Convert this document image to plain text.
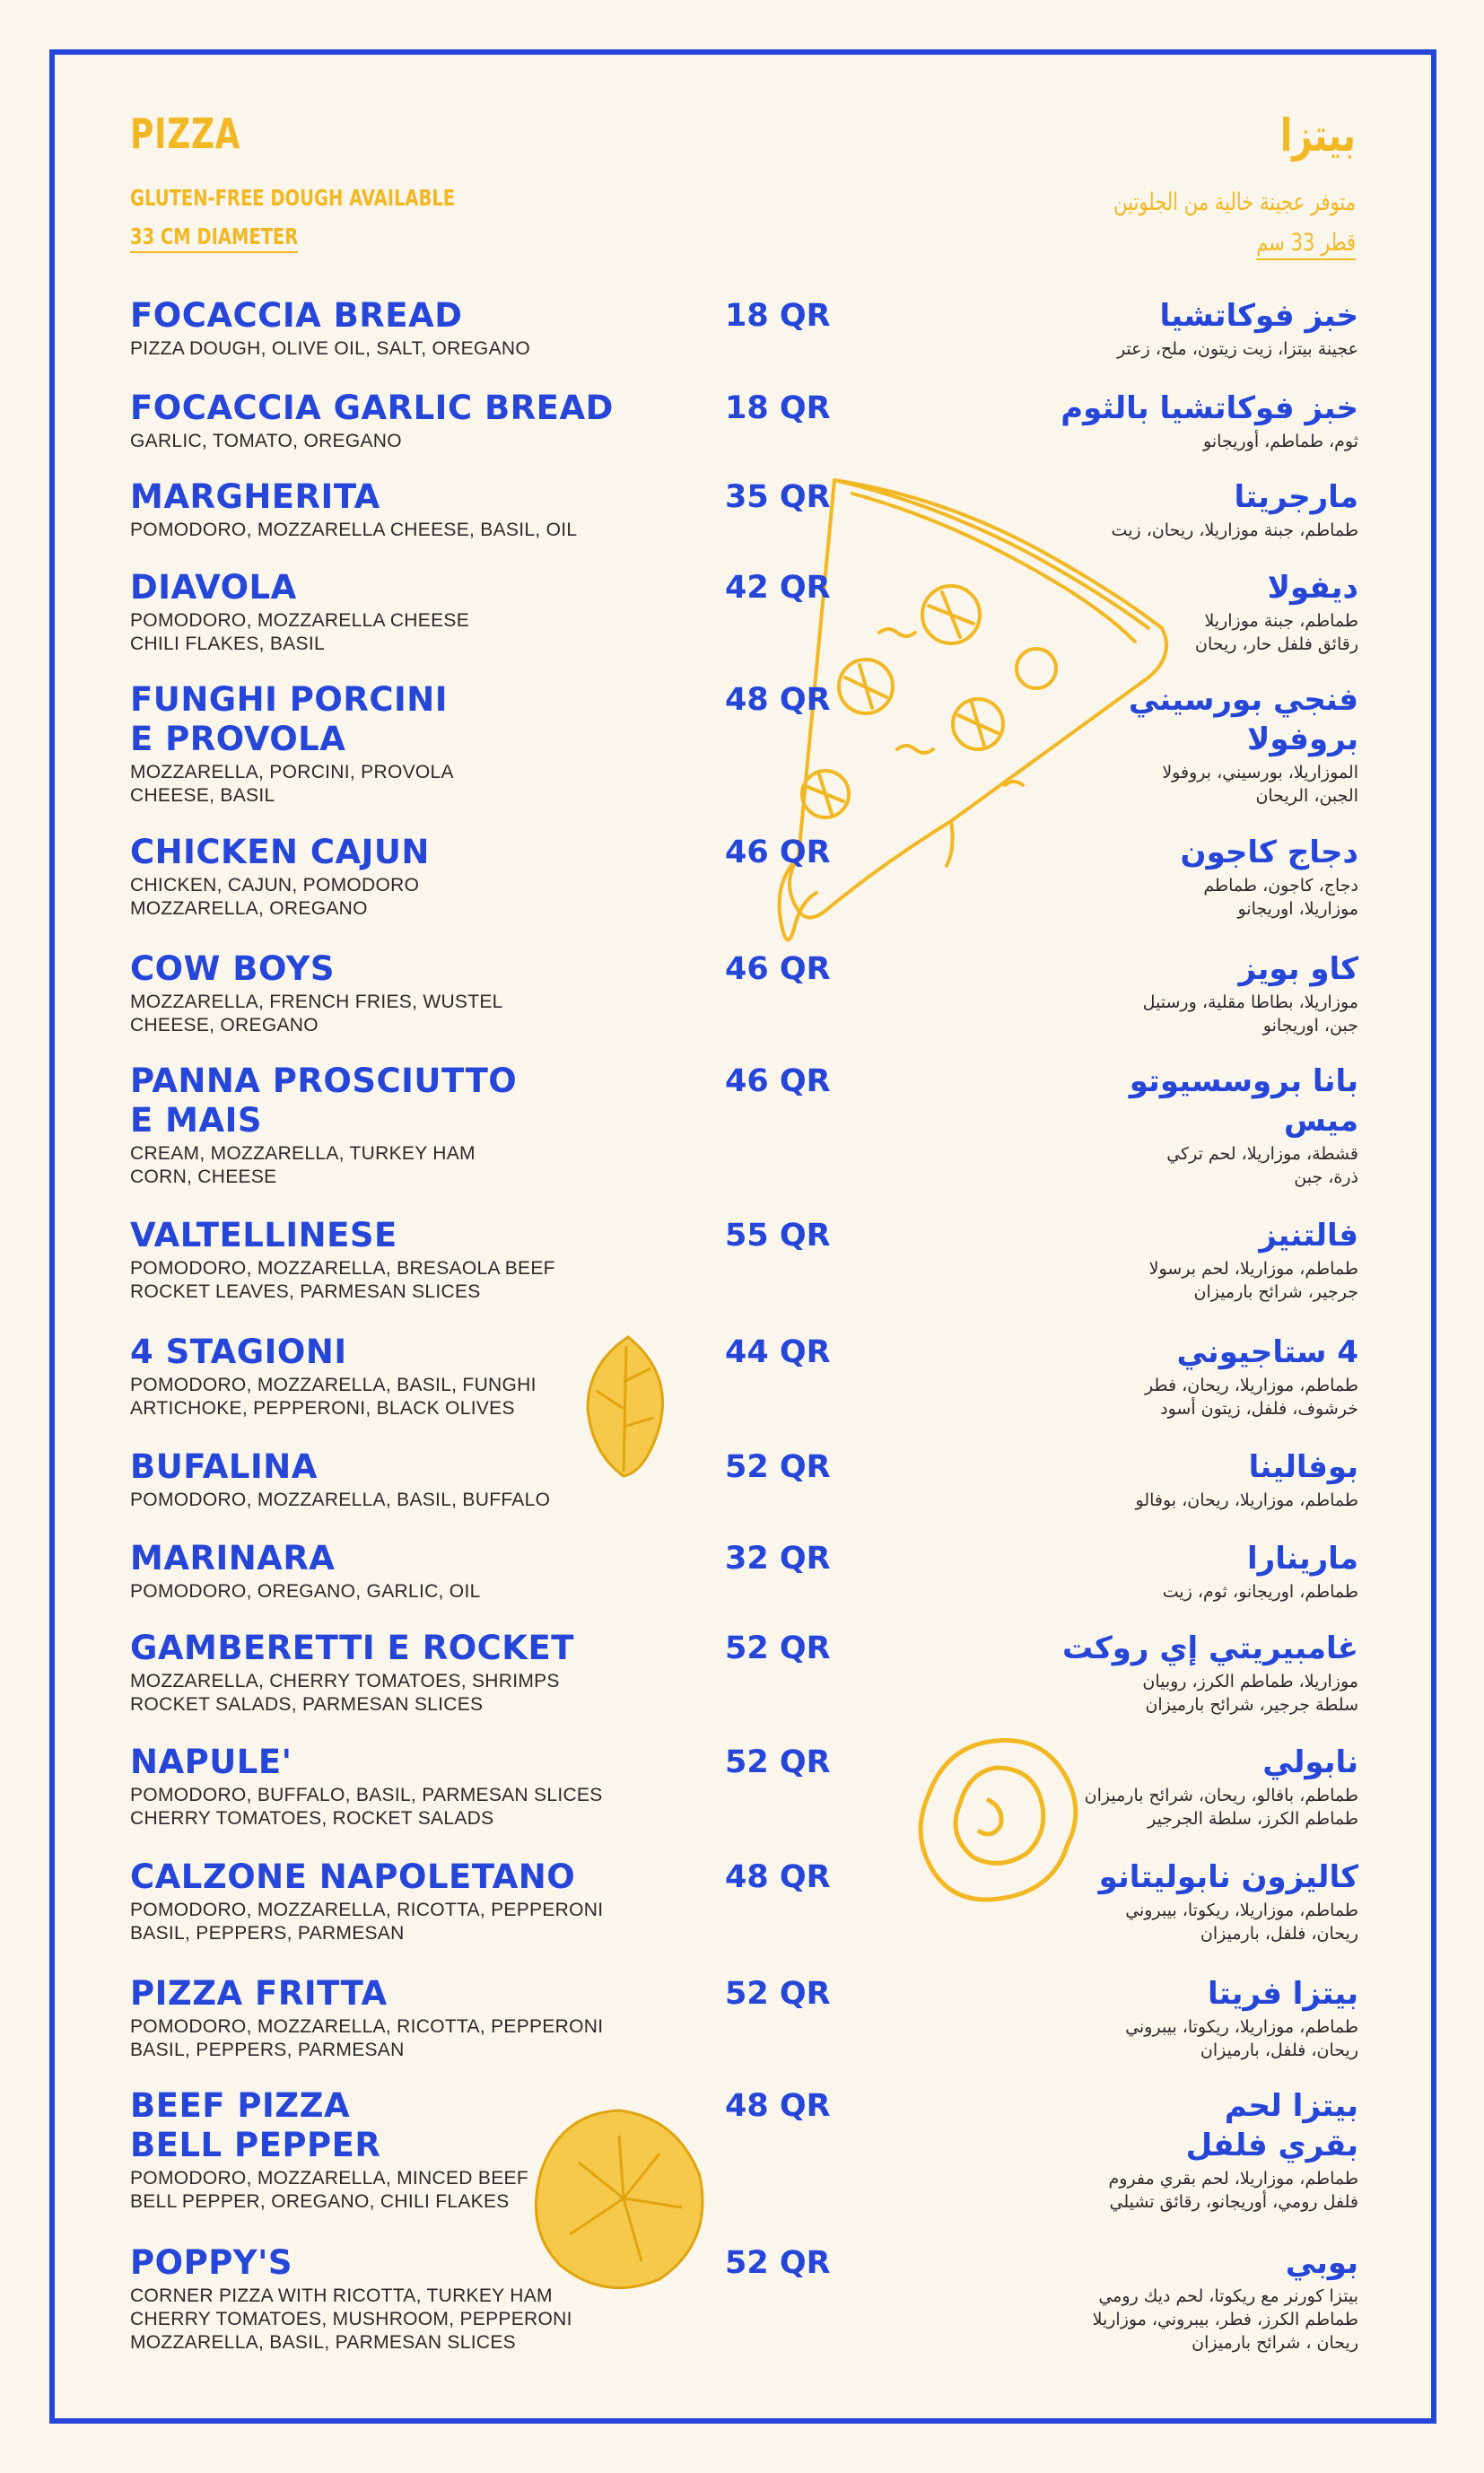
PIZZA
GLUTEN-FREE DOUGH AVAILABLE
33 CM DIAMETER
بيتزا
متوفر عجينة خالية من الجلوتين
قطر 33 سم
FOCACCIA BREAD
PIZZA DOUGH, OLIVE OIL, SALT, OREGANO
18 QR	خبز فوكاتشيا
عجينة بيتزا، زيت زيتون، ملح، زعتر
FOCACCIA GARLIC BREAD
GARLIC, TOMATO, OREGANO
18 QR	خبز فوكاتشيا بالثوم
ثوم، طماطم، أوريجانو
MARGHERITA
POMODORO, MOZZARELLA CHEESE, BASIL, OIL
35 QR	مارجريتا
طماطم، جبنة موزاريلا، ريحان، زيت
DIAVOLA
POMODORO, MOZZARELLA CHEESE
CHILI FLAKES, BASIL
42 QR	ديفولا
طماطم، جبنة موزاريلا
رقائق فلفل حار، ريحان
FUNGHI PORCINI
E PROVOLA
MOZZARELLA, PORCINI, PROVOLA
CHEESE, BASIL
48 QR	فنجي بورسيني
بروفولا
الموزاريلا، بورسيني، بروفولا
الجبن، الريحان
CHICKEN CAJUN
CHICKEN, CAJUN, POMODORO
MOZZARELLA, OREGANO
46 QR	دجاج كاجون
دجاج، كاجون، طماطم
موزاريلا، اوريجانو
COW BOYS
MOZZARELLA, FRENCH FRIES, WUSTEL
CHEESE, OREGANO
46 QR	كاو بويز
موزاريلا، بطاطا مقلية، ورستيل
جبن، اوريجانو
PANNA PROSCIUTTO
E MAIS
CREAM, MOZZARELLA, TURKEY HAM
CORN, CHEESE
46 QR	بانا بروسسيوتو
ميس
قشطة، موزاريلا، لحم تركي
ذرة، جبن
VALTELLINESE
POMODORO, MOZZARELLA, BRESAOLA BEEF
ROCKET LEAVES, PARMESAN SLICES
55 QR	فالتنيز
طماطم، موزاريلا، لحم برسولا
جرجير، شرائح بارميزان
4 STAGIONI
POMODORO, MOZZARELLA, BASIL, FUNGHI
ARTICHOKE, PEPPERONI, BLACK OLIVES
44 QR	4 ستاجيوني
طماطم، موزاريلا، ريحان، فطر
خرشوف، فلفل، زيتون أسود
BUFALINA
POMODORO, MOZZARELLA, BASIL, BUFFALO
52 QR	بوفالينا
طماطم، موزاريلا، ريحان، بوفالو
MARINARA
POMODORO, OREGANO, GARLIC, OIL
32 QR	مارينارا
طماطم، اوريجانو، ثوم، زيت
GAMBERETTI E ROCKET
MOZZARELLA, CHERRY TOMATOES, SHRIMPS
ROCKET SALADS, PARMESAN SLICES
52 QR	غامبيريتي إي روكت
موزاريلا، طماطم الكرز، روبيان
سلطة جرجير، شرائح بارميزان
NAPULE'
POMODORO, BUFFALO, BASIL, PARMESAN SLICES
CHERRY TOMATOES, ROCKET SALADS
52 QR	نابولي
طماطم، بافالو، ريحان، شرائح بارميزان
طماطم الكرز، سلطة الجرجير
CALZONE NAPOLETANO
POMODORO, MOZZARELLA, RICOTTA, PEPPERONI
BASIL, PEPPERS, PARMESAN
48 QR	كاليزون نابوليتانو
طماطم، موزاريلا، ريكوتا، بيبروني
ريحان، فلفل، بارميزان
PIZZA FRITTA
POMODORO, MOZZARELLA, RICOTTA, PEPPERONI
BASIL, PEPPERS, PARMESAN
52 QR	بيتزا فريتا
طماطم، موزاريلا، ريكوتا، بيبروني
ريحان، فلفل، بارميزان
BEEF PIZZA
BELL PEPPER
POMODORO, MOZZARELLA, MINCED BEEF
BELL PEPPER, OREGANO, CHILI FLAKES
48 QR	بيتزا لحم
بقري فلفل
طماطم، موزاريلا، لحم بقري مفروم
فلفل رومي، أوريجانو، رقائق تشيلي
POPPY'S
CORNER PIZZA WITH RICOTTA, TURKEY HAM
CHERRY TOMATOES, MUSHROOM, PEPPERONI
MOZZARELLA, BASIL, PARMESAN SLICES
52 QR	بوبي
بيتزا كورنر مع ريكوتا، لحم ديك رومي
طماطم الكرز، فطر، بيبروني، موزاريلا
ريحان ، شرائح بارميزان
